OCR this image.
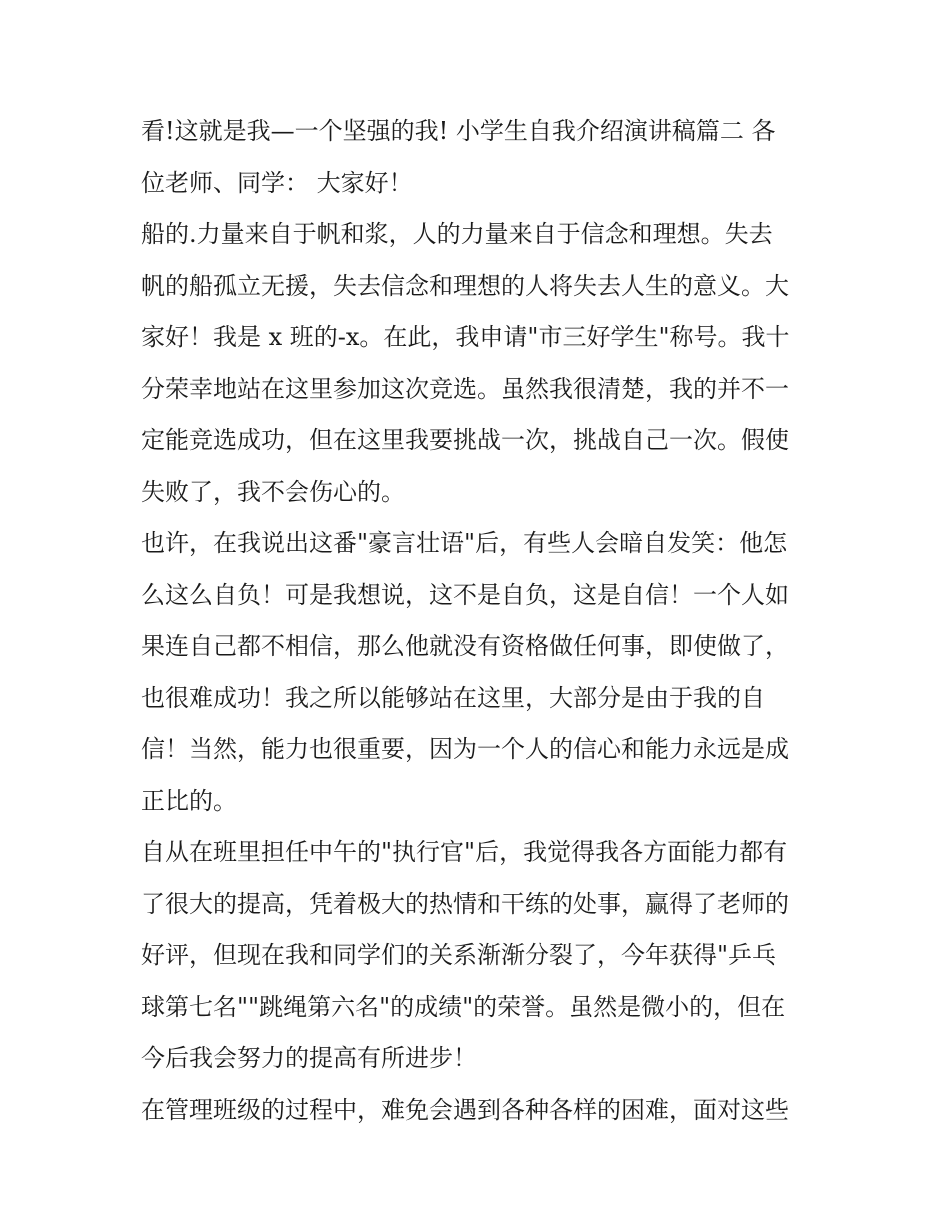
看!这就是我—一个坚强的我! 小学生自我介绍演讲稿篇二 各
位老师、同学： 大家好！
船的.力量来自于帆和浆，人的力量来自于信念和理想。失去
帆的船孤立无援，失去信念和理想的人将失去人生的意义。大
家好！我是 x 班的-x。在此，我申请"市三好学生"称号。我十
分荣幸地站在这里参加这次竞选。虽然我很清楚，我的并不一
定能竞选成功，但在这里我要挑战一次，挑战自己一次。假使
失败了，我不会伤心的。
也许，在我说出这番"豪言壮语"后，有些人会暗自发笑：他怎
么这么自负！可是我想说，这不是自负，这是自信！一个人如
果连自己都不相信，那么他就没有资格做任何事，即使做了，
也很难成功！我之所以能够站在这里，大部分是由于我的自
信！当然，能力也很重要，因为一个人的信心和能力永远是成
正比的。
自从在班里担任中午的"执行官"后，我觉得我各方面能力都有
了很大的提高，凭着极大的热情和干练的处事，赢得了老师的
好评，但现在我和同学们的关系渐渐分裂了，今年获得"乒乓
球第七名""跳绳第六名"的成绩"的荣誉。虽然是微小的，但在
今后我会努力的提高有所进步！
在管理班级的过程中，难免会遇到各种各样的困难，面对这些
